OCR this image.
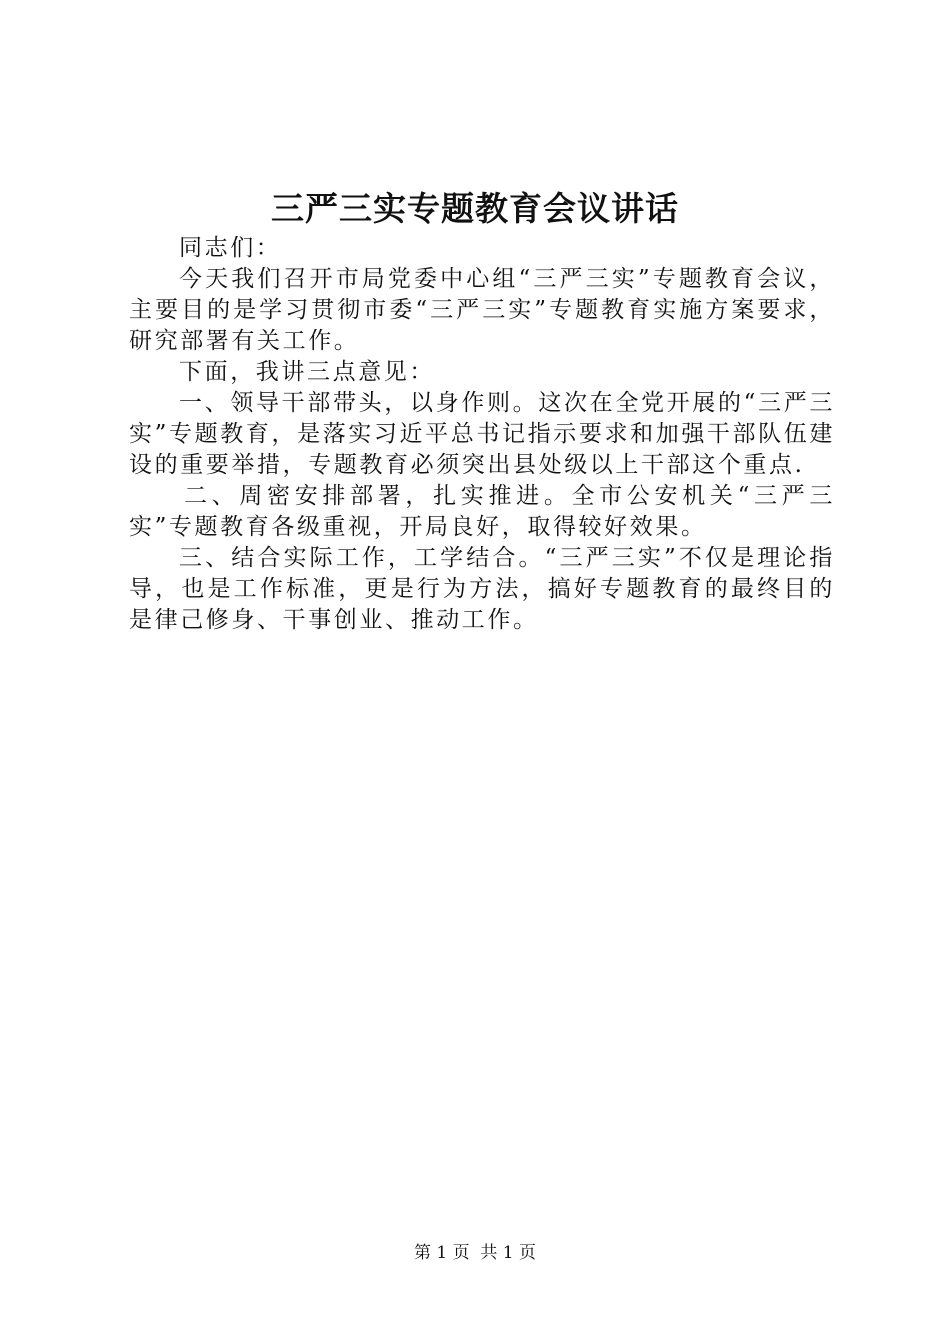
三严三实专题教育会议讲话

同志们：

今天我们召开市局党委中心组“三严三实”专题教育会议，主要目的是学习贯彻市委“三严三实”专题教育实施方案要求，研究部署有关工作。

下面，我讲三点意见：

一、领导干部带头，以身作则。这次在全党开展的“三严三实”专题教育，是落实习近平总书记指示要求和加强干部队伍建设的重要举措，专题教育必须突出县处级以上干部这个重点.

二、周密安排部署，扎实推进。全市公安机关“三严三实”专题教育各级重视，开局良好，取得较好效果。

三、结合实际工作，工学结合。“三严三实”不仅是理论指导，也是工作标准，更是行为方法，搞好专题教育的最终目的是律己修身、干事创业、推动工作。

第 1 页 共 1 页
